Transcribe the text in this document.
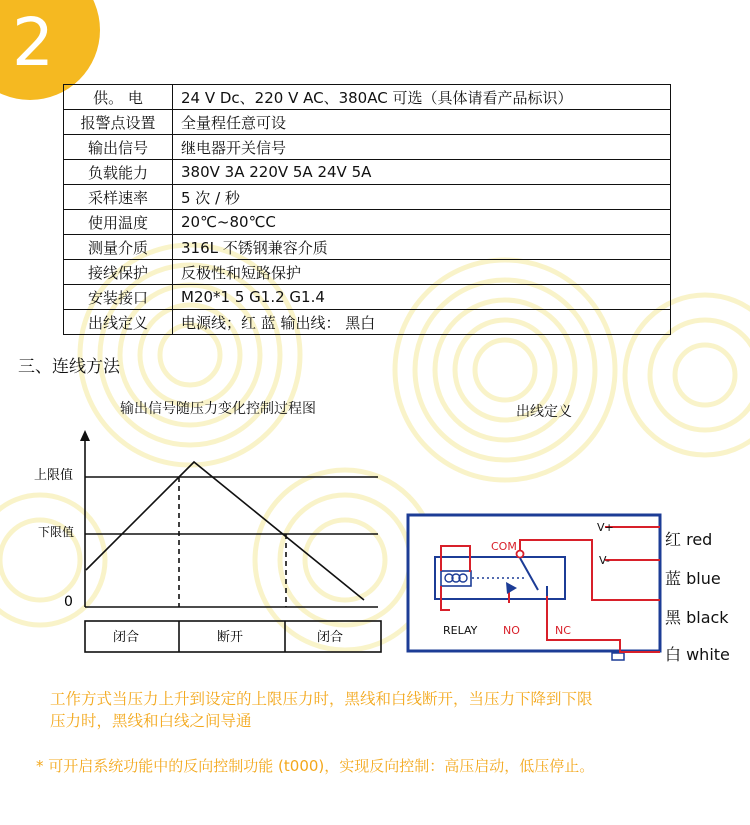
2
供。 电	24 V Dc、220 V AC、380AC 可选（具体请看产品标识）
报警点设置	全量程任意可设
输出信号	继电器开关信号
负载能力	380V 3A 220V 5A 24V 5A
采样速率	5 次 / 秒
使用温度	20℃~80℃C
测量介质	316L 不锈钢兼容介质
接线保护	反极性和短路保护
安装接口	M20*1 5 G1.2 G1.4
出线定义	电源线；红 蓝 输出线： 黑白
三、连线方法
输出信号随压力变化控制过程图	出线定义
上限值
下限值
0
闭合	断开	闭合
COM
RELAY NO	NC
V+
V-
红 red
蓝 blue
黑 black
白 white
工作方式当压力上升到设定的上限压力时，黑线和白线断开，当压力下降到下限
压力时，黑线和白线之间导通
* 可开启系统功能中的反向控制功能 (t000)，实现反向控制：高压启动，低压停止。
